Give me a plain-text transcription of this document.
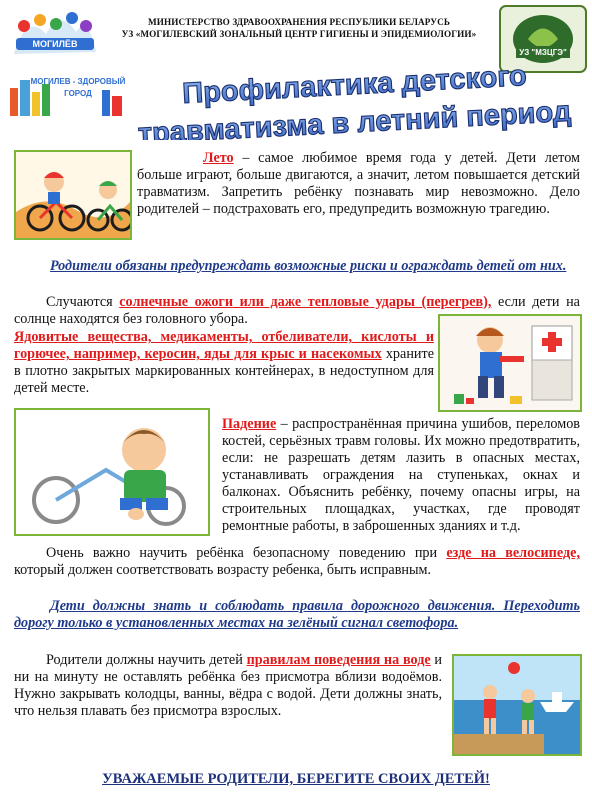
МОГИЛЁВ
МОГИЛЕВ - ЗДОРОВЫЙ
ГОРОД
МИНИСТЕРСТВО ЗДРАВООХРАНЕНИЯ РЕСПУБЛИКИ БЕЛАРУСЬ
УЗ «МОГИЛЕВСКИЙ ЗОНАЛЬНЫЙ ЦЕНТР ГИГИЕНЫ И ЭПИДЕМИОЛОГИИ»
УЗ "МЗЦГЭ"
Профилактика детского
травматизма в летний период
Лето – самое любимое время года у детей. Дети летом больше играют, больше двигаются, а значит, летом повышается детский травматизм. Запретить ребёнку познавать мир невозможно. Дело родителей – подстраховать его, предупредить возможную трагедию.
Родители обязаны предупреждать возможные риски и ограждать детей от них.
Случаются солнечные ожоги или даже тепловые удары (перегрев), если дети на солнце находятся без головного убора.
Ядовитые вещества, медикаменты, отбеливатели, кислоты и горючее, например, керосин, яды для крыс и насекомых храните в плотно закрытых маркированных контейнерах, в недоступном для детей месте.
Падение – распространённая причина ушибов, переломов костей, серьёзных травм головы. Их можно предотвратить, если: не разрешать детям лазить в опасных местах, устанавливать ограждения на ступеньках, окнах и балконах. Объяснить ребёнку, почему опасны игры, на строительных площадках, участках, где проводят ремонтные работы, в заброшенных зданиях и т.д.
Очень важно научить ребёнка безопасному поведению при езде на велосипеде, который должен соответствовать возрасту ребенка, быть исправным.
Дети должны знать и соблюдать правила дорожного движения. Переходить дорогу только в установленных местах на зелёный сигнал светофора.
Родители должны научить детей правилам поведения на воде и ни на минуту не оставлять ребёнка без присмотра вблизи водоёмов. Нужно закрывать колодцы, ванны, вёдра с водой. Дети должны знать, что нельзя плавать без присмотра взрослых.
УВАЖАЕМЫЕ РОДИТЕЛИ, БЕРЕГИТЕ СВОИХ ДЕТЕЙ!
